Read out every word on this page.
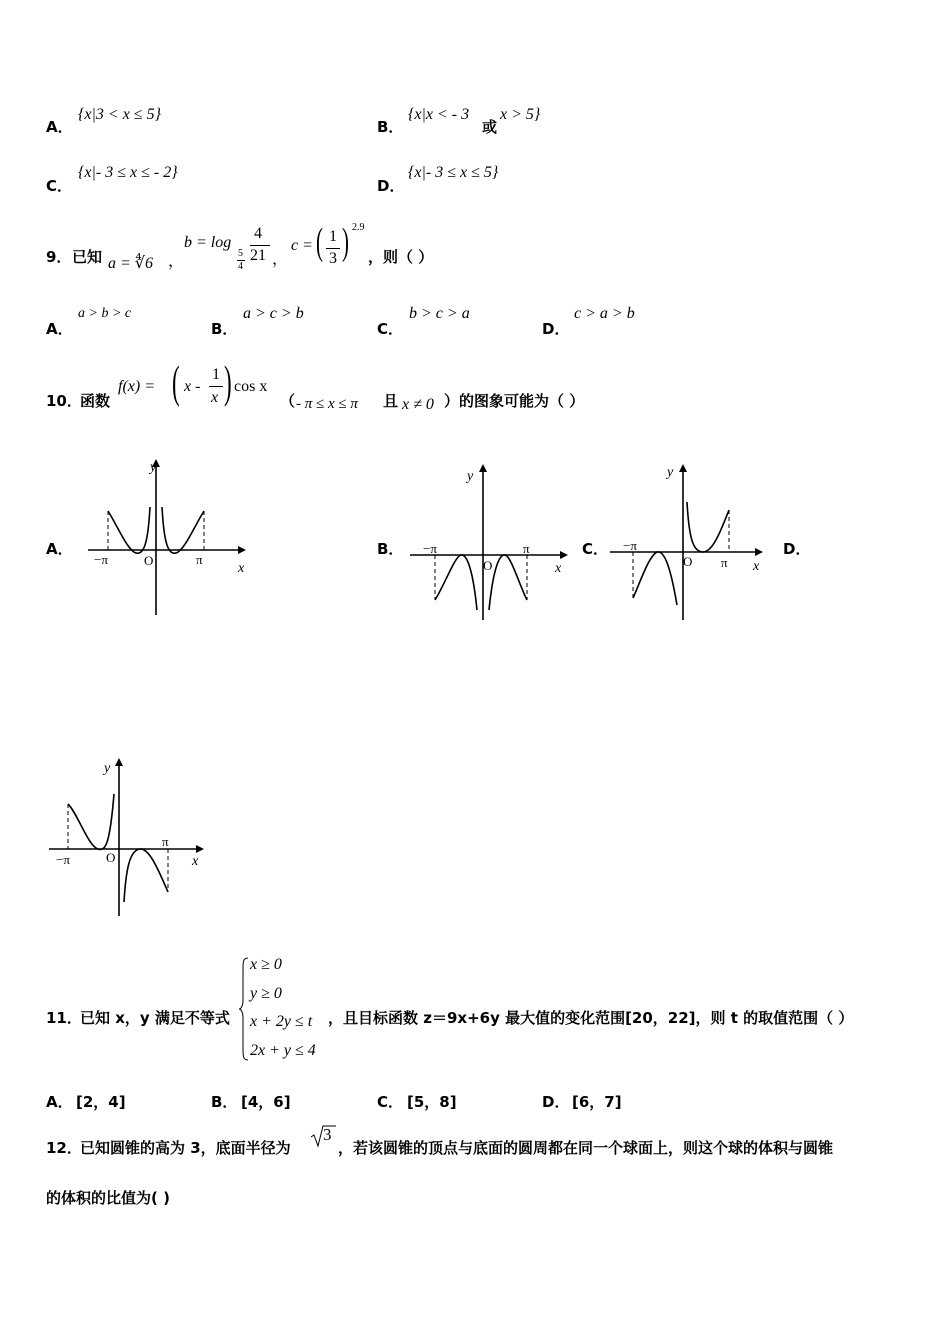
A．
{x|3 < x ≤ 5}
B．
{x|x < - 3
或
x > 5}
C．
{x|- 3 ≤ x ≤ - 2}
D．
{x|- 3 ≤ x ≤ 5}
9． 已知 a = ∜6 ，
b = log
5
4
4
21 ，
c = ( 1
3 ) 2.9
，则（ ）
A．
a > b > c
B．
a > c > b
C．
b > c > a
D．
c > a > b
10．
函数
f(x) = ( x -
1
x ) cos x
（ - π ≤ x ≤ π 且 x ≠ 0 ）的图象可能为（ ）
A．	B．	C．	D．
y
x
O
−π	π
y
x
O
−π	π
y
x
O
−π
π
y
x
O
−π
π
11．
已知 x，y 满足不等式
x ≥ 0
y ≥ 0
x + 2y ≤ t
2x + y ≤ 4
，且目标函数 z＝9x+6y 最大值的变化范围[20，22]，则 t 的取值范围（ ）
A． [2，4]	B． [4，6]	C． [5，8]	D． [6，7]
12．
已知圆锥的高为 3，底面半径为
3
，若该圆锥的顶点与底面的圆周都在同一个球面上，则这个球的体积与圆锥
的体积的比值为( )
